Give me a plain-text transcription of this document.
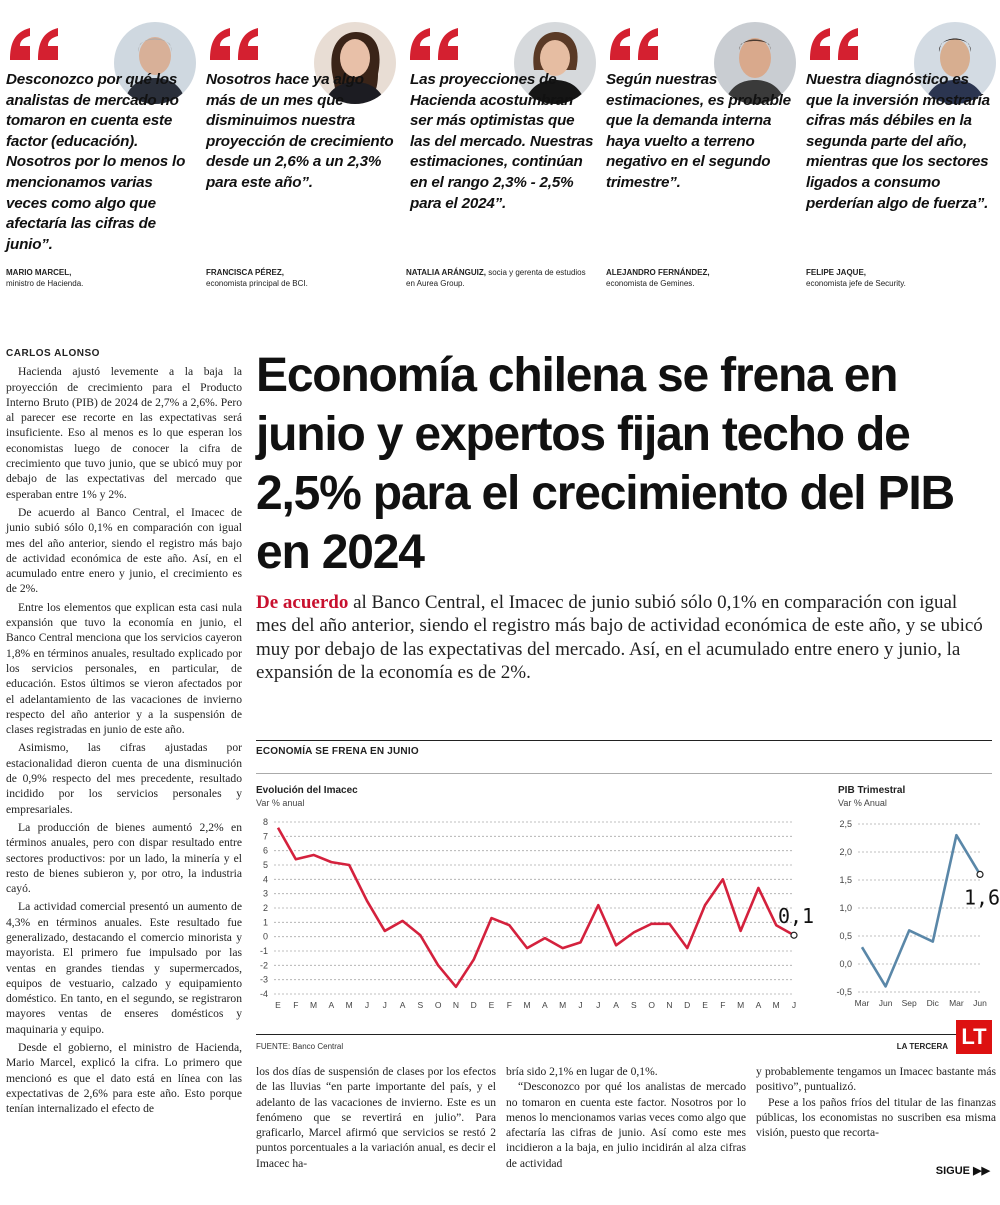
Desconozco por qué los analistas de mercado no tomaron en cuenta este factor (educación). Nosotros por lo menos lo mencionamos varias veces como algo que afectaría las cifras de junio”.
MARIO MARCEL,
ministro de Hacienda.
Nosotros hace ya algo más de un mes que disminuimos nuestra proyección de crecimiento desde un 2,6% a un 2,3% para este año”.
FRANCISCA PÉREZ,
economista principal de BCI.
Las proyecciones de Hacienda acostumbran ser más optimistas que las del mercado. Nuestras estimaciones, continúan en el rango 2,3% - 2,5% para el 2024”.
NATALIA ARÁNGUIZ, socia y gerenta de estudios en Aurea Group.
Según nuestras estimaciones, es probable que la demanda interna haya vuelto a terreno negativo en el segundo trimestre”.
ALEJANDRO FERNÁNDEZ,
economista de Gemines.
Nuestra diagnóstico es que la inversión mostraría cifras más débiles en la segunda parte del año, mientras que los sectores ligados a consumo perderían algo de fuerza”.
FELIPE JAQUE,
economista jefe de Security.

CARLOS ALONSO

Hacienda ajustó levemente a la baja la proyección de crecimiento para el Producto Interno Bruto (PIB) de 2024 de 2,7% a 2,6%. Pero al parecer ese recorte en las expectativas será insuficiente. Eso al menos es lo que esperan los economistas luego de conocer la cifra de crecimiento que tuvo junio, que se ubicó muy por debajo de las expectativas del mercado que esperaban entre 1% y 2%.

De acuerdo al Banco Central, el Imacec de junio subió sólo 0,1% en comparación con igual mes del año anterior, siendo el registro más bajo de actividad económica de este año. Así, en el acumulado entre enero y junio, el crecimiento es de 2%.

Entre los elementos que explican esta casi nula expansión que tuvo la economía en junio, el Banco Central menciona que los servicios cayeron 1,8% en términos anuales, resultado explicado por los servicios personales, en particular, de educación. Estos últimos se vieron afectados por el adelantamiento de las vacaciones de invierno respecto del año anterior y a la suspensión de clases registradas en junio de este año.

Asimismo, las cifras ajustadas por estacionalidad dieron cuenta de una disminución de 0,9% respecto del mes precedente, resultado incidido por los servicios personales y empresariales.

La producción de bienes aumentó 2,2% en términos anuales, pero con dispar resultado entre sectores productivos: por un lado, la minería y el resto de bienes subieron y, por otro, la industria cayó.

La actividad comercial presentó un aumento de 4,3% en términos anuales. Este resultado fue generalizado, destacando el comercio minorista y mayorista. El primero fue impulsado por las ventas en grandes tiendas y supermercados, equipos de vestuario, calzado y equipamiento doméstico. En tanto, en el segundo, se registraron mayores ventas de enseres domésticos y maquinaria y equipo.

Desde el gobierno, el ministro de Hacienda, Mario Marcel, explicó la cifra. Lo primero que mencionó es que el dato está en línea con las expectativas de 2,6% para este año. Esto porque tenían internalizado el efecto de

Economía chilena se frena en junio y expertos fijan techo de 2,5% para el crecimiento del PIB en 2024
De acuerdo al Banco Central, el Imacec de junio subió sólo 0,1% en comparación con igual mes del año anterior, siendo el registro más bajo de actividad económica de este año, y se ubicó muy por debajo de las expectativas del mercado. Así, en el acumulado entre enero y junio, la expansión de la economía es de 2%.
ECONOMÍA SE FRENA EN JUNIO
Evolución del Imacec
Var % anual
PIB Trimestral
Var % Anual
-4
-3
-2
-1
0
1
2
3
4
5
6
7
8
E F M A M J J A S O N D E F M A M J J A S O N D E F M A M J
0,1
-0,5
0,0
0,5
1,0
1,5
2,0
2,5
Mar Jun Sep Dic Mar Jun
1,6
FUENTE: Banco Central	LA TERCERA LT

los dos días de suspensión de clases por los efectos de las lluvias “en parte importante del país, y el adelanto de las vacaciones de invierno. Este es un fenómeno que se revertirá en julio”. Para graficarlo, Marcel afirmó que servicios se restó 2 puntos porcentuales a la variación anual, es decir el Imacec ha-

bría sido 2,1% en lugar de 0,1%.

“Desconozco por qué los analistas de mercado no tomaron en cuenta este factor. Nosotros por lo menos lo mencionamos varias veces como algo que afectaría las cifras de junio. Así como este mes incidieron a la baja, en julio incidirán al alza cifras de actividad

y probablemente tengamos un Imacec bastante más positivo”, puntualizó.

Pese a los paños fríos del titular de las finanzas públicas, los economistas no suscriben esa misma visión, puesto que recorta-

SIGUE ▶▶
